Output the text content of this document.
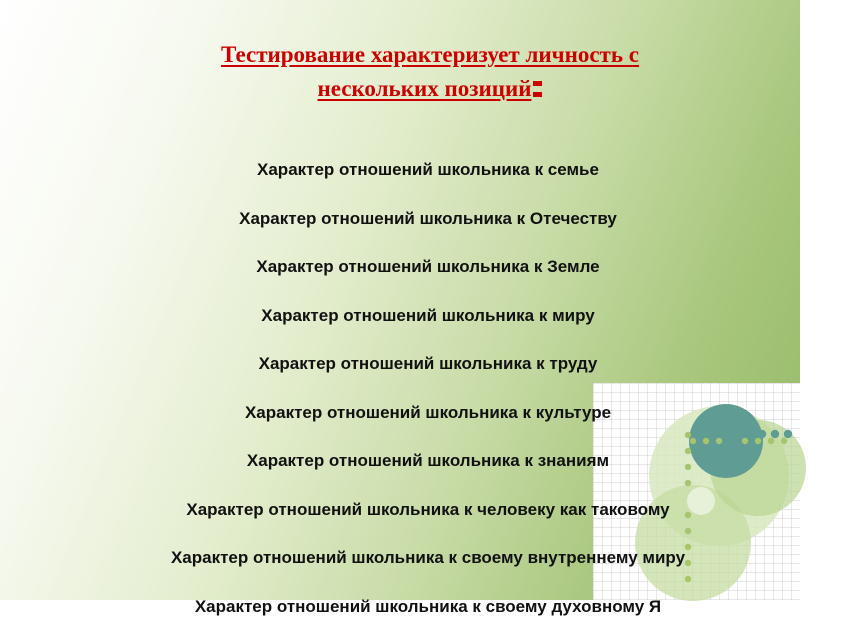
Тестирование характеризует личность с
нескольких позиций
Характер отношений школьника к семье
Характер отношений школьника к Отечеству
Характер отношений школьника к Земле
Характер отношений школьника к миру
Характер отношений школьника к труду
Характер отношений школьника к культуре
Характер отношений школьника к знаниям
Характер отношений школьника к человеку как таковому
Характер отношений школьника к своему внутреннему миру
Характер отношений школьника к своему духовному Я
